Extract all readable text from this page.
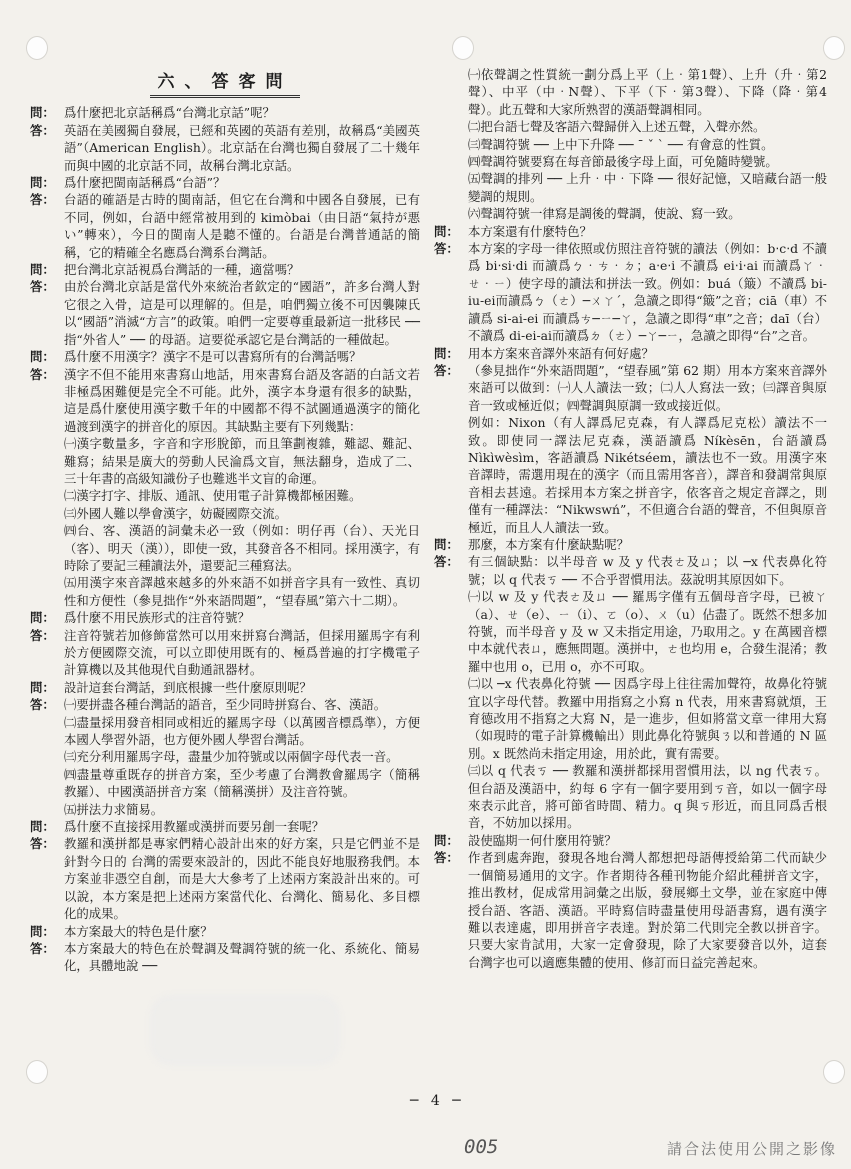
六、答客問
問： 爲什麼把北京話稱爲“台灣北京話”呢？
答： 英語在美國獨自發展，已經和英國的英語有差別，故稱爲“美國英語”（American English）。北京話在台灣也獨自發展了二十幾年而與中國的北京話不同，故稱台灣北京話。
問： 爲什麼把閩南話稱爲“台語”？
答： 台語的確語是古時的閩南話，但它在台灣和中國各自發展，已有不同，例如，台語中經常被用到的 kimòbai（由日語“氣持が悪い”轉來），今日的閩南人是聽不懂的。台語是台灣普通話的簡稱，它的精確全名應爲台灣系台灣話。
問： 把台灣北京話視爲台灣話的一種，適當嗎？
答： 由於台灣北京話是當代外來統治者欽定的“國語”，許多台灣人對它很之入骨，這是可以理解的。但是，咱們獨立後不可因襲陳氏以“國語”消滅“方言”的政策。咱們一定要尊重最新這一批移民 ── 指“外省人” ── 的母語。這要從承認它是台灣話的一種做起。
問： 爲什麼不用漢字？漢字不是可以書寫所有的台灣話嗎？
答： 漢字不但不能用來書寫山地話，用來書寫台語及客語的白話文若非極爲困難便是完全不可能。此外，漢字本身還有很多的缺點，這是爲什麼使用漢字數千年的中國都不得不試圖通過漢字的簡化過渡到漢字的拼音化的原因。其缺點主要有下列幾點：
㈠漢字數量多，字音和字形脫節，而且筆劃複雜，難認、難記、難寫；結果是廣大的勞動人民淪爲文盲，無法翻身，造成了二、三十年書的高級知識份子也難逃半文盲的命運。
㈡漢字打字、排版、通訊、使用電子計算機都極困難。
㈢外國人難以學會漢字，妨礙國際交流。
㈣台、客、漢語的詞彙未必一致（例如：明仔再（台）、天光日（客）、明天（漢）），即使一致，其發音各不相同。採用漢字，有時除了要記三種讀法外，還要記三種寫法。
㈤用漢字來音譯越來越多的外來語不如拼音字具有一致性、真切性和方便性（參見拙作“外來語問題”，“望春風”第六十二期）。
問： 爲什麼不用民族形式的注音符號？
答： 注音符號若加修飾當然可以用來拼寫台灣話，但採用羅馬字有利於方便國際交流，可以立即使用既有的、極爲普遍的打字機電子計算機以及其他現代自動通訊器材。
問： 設計這套台灣話，到底根據一些什麼原則呢？
答： ㈠要拼盡各種台灣話的語音，至少同時拼寫台、客、漢語。
㈡盡量採用發音相同或相近的羅馬字母（以萬國音標爲準），方便本國人學習外語，也方便外國人學習台灣話。
㈢充分利用羅馬字母，盡量少加符號或以兩個字母代表一音。
㈣盡量尊重既存的拼音方案，至少考慮了台灣教會羅馬字（簡稱教羅）、中國漢語拼音方案（簡稱漢拼）及注音符號。
㈤拼法力求簡易。
問： 爲什麼不直接採用教羅或漢拼而要另創一套呢？
答： 教羅和漢拼都是專家們精心設計出來的好方案，只是它們並不是針對今日的 台灣的需要來設計的，因此不能良好地服務我們。本方案並非憑空自創，而是大大參考了上述兩方案設計出來的。可以說，本方案是把上述兩方案當代化、台灣化、簡易化、多目標化的成果。
問： 本方案最大的特色是什麼？
答： 本方案最大的特色在於聲調及聲調符號的統一化、系統化、簡易化，具體地說 ──
㈠依聲調之性質統一劃分爲上平（上‧第1聲）、上升（升‧第2聲）、中平（中‧N聲）、下平（下‧第3聲）、下降（降‧第4聲）。此五聲和大家所熟習的漢語聲調相同。
㈡把台語七聲及客語六聲歸併入上述五聲，入聲亦然。
㈢聲調符號 ── 上中下升降 ── ¯ ˇ ˋ ── 有會意的性質。
㈣聲調符號要寫在每音節最後字母上面，可免隨時變號。
㈤聲調的排列 ── 上升‧中‧下降 ── 很好記憶，又暗藏台語一般變調的規則。
㈥聲調符號一律寫是調後的聲調，使說、寫一致。
問： 本方案還有什麼特色？
答： 本方案的字母一律依照或仿照注音符號的讀法（例如：b‧c‧d 不讀爲 bi‧si‧di 而讀爲ㄅ‧ㄘ‧ㄉ；a‧e‧i 不讀爲 ei‧i‧ai 而讀爲ㄚ‧ㄝ‧ㄧ）使字母的讀法和拼法一致。例如：buá（簸）不讀爲 bi-iu-ei而讀爲ㄅ（ㄜ）─ㄨㄚˊ，急讀之即得“簸”之音；ciā（車）不讀爲 si-ai-ei 而讀爲ㄘ─ㄧ─ㄚ，急讀之即得“車”之音；daī（台）不讀爲 di-ei-ai而讀爲ㄉ（ㄜ）─ㄚ─ㄧ，急讀之即得“台”之音。
問： 用本方案來音譯外來語有何好處？
答： （參見拙作“外來語問題”，“望春風”第 62 期）用本方案來音譯外來語可以做到：㈠人人讀法一致；㈡人人寫法一致；㈢譯音與原音一致或極近似；㈣聲調與原調一致或接近似。
例如：Nixon（有人譯爲尼克森，有人譯爲尼克松）讀法不一致。即使同一譯法尼克森，漢語讀爲 Níkèsēn，台語讀爲 Nìkìwèsìm，客語讀爲 Nikétséem，讀法也不一致。用漢字來音譯時，需選用現在的漢字（而且需用客音），譯音和發調常與原音相去甚遠。若採用本方案之拼音字，依客音之規定音譯之，則僅有一種譯法：“Nikwswń”，不但適合台語的聲音，不但與原音極近，而且人人讀法一致。
問： 那麼，本方案有什麼缺點呢？
答： 有三個缺點：以半母音 w 及 y 代表ㄜ及ㄩ；以 ─x 代表鼻化符號；以 q 代表ㄎ ── 不合乎習慣用法。茲說明其原因如下。
㈠以 w 及 y 代表ㄜ及ㄩ ── 羅馬字僅有五個母音字母，已被ㄚ（a）、ㄝ（e）、ㄧ（i）、ㄛ（o）、ㄨ（u）佔盡了。既然不想多加符號，而半母音 y 及 w 又未指定用途，乃取用之。y 在萬國音標中本就代表ㄩ，應無問題。漢拼中，ㄜ也均用 e，合發生混淆；教羅中也用 o，已用 o，亦不可取。
㈡以 ─x 代表鼻化符號 ── 因爲字母上往往需加聲符，故鼻化符號宜以字母代替。教羅中用指寫之小寫 n 代表，用來書寫就煩，王育德改用不指寫之大寫 N，是一進步，但如將當文章一律用大寫（如現時的電子計算機輸出）則此鼻化符號與ㄋ以和普通的 N 區別。x 既然尚未指定用途，用於此，實有需要。
㈢以 q 代表ㄎ ── 教羅和漢拼都採用習慣用法，以 ng 代表ㄎ。但台語及漢語中，約每 6 字有一個字要用到ㄎ音，如以一個字母來表示此音，將可節省時間、精力。q 與ㄎ形近，而且同爲舌根音，不妨加以採用。
問： 設使臨期一何什麼用符號？
答： 作者到處奔跑，發現各地台灣人都想把母語傳授給第二代而缺少一個簡易通用的文字。作者期待各種刊物能介紹此種拼音文字，推出教材，促成常用詞彙之出版，發展鄉土文學，並在家庭中傳授台語、客語、漢語。平時寫信時盡量使用母語書寫，遇有漢字難以表達處，即用拼音字表達。對於第二代則完全教以拼音字。只要大家肯試用，大家一定會發現，除了大家要發音以外，這套台灣字也可以適應集體的使用、修訂而日益完善起來。
─ 4 ─
005	請合法使用公開之影像
